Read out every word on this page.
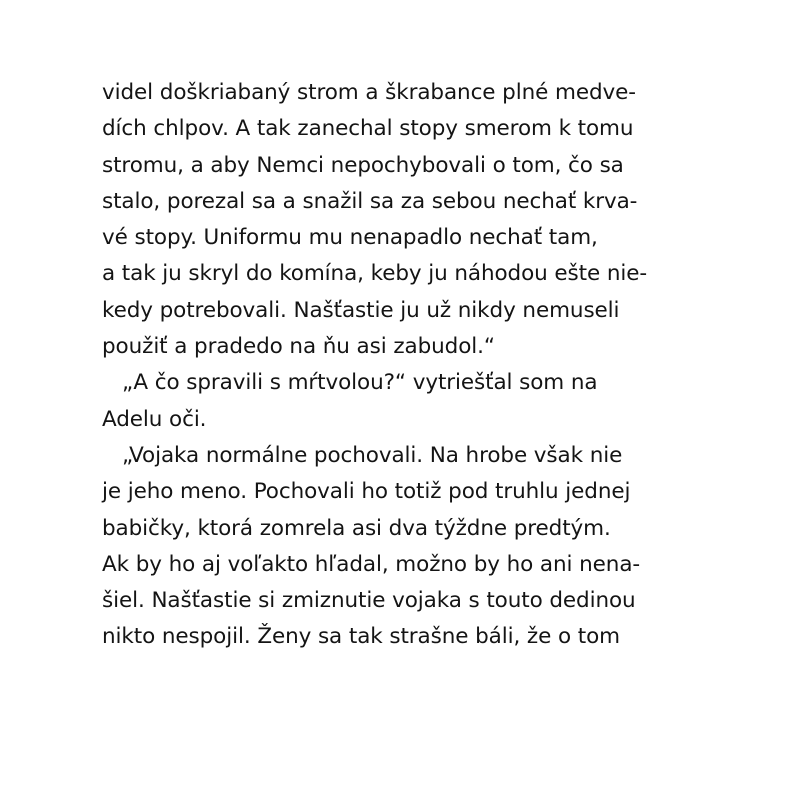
videl doškriabaný strom a škrabance plné medve-
dích chlpov. A tak zanechal stopy smerom k tomu
stromu, a aby Nemci nepochybovali o tom, čo sa
stalo, porezal sa a snažil sa za sebou nechať krva-
vé stopy. Uniformu mu nenapadlo nechať tam,
a tak ju skryl do komína, keby ju náhodou ešte nie-
kedy potrebovali. Našťastie ju už nikdy nemuseli
použiť a pradedo na ňu asi zabudol.“
„A čo spravili s mŕtvolou?“ vytriešťal som na
Adelu oči.
„Vojaka normálne pochovali. Na hrobe však nie
je jeho meno. Pochovali ho totiž pod truhlu jednej
babičky, ktorá zomrela asi dva týždne predtým.
Ak by ho aj voľakto hľadal, možno by ho ani nena-
šiel. Našťastie si zmiznutie vojaka s touto dedinou
nikto nespojil. Ženy sa tak strašne báli, že o tom
